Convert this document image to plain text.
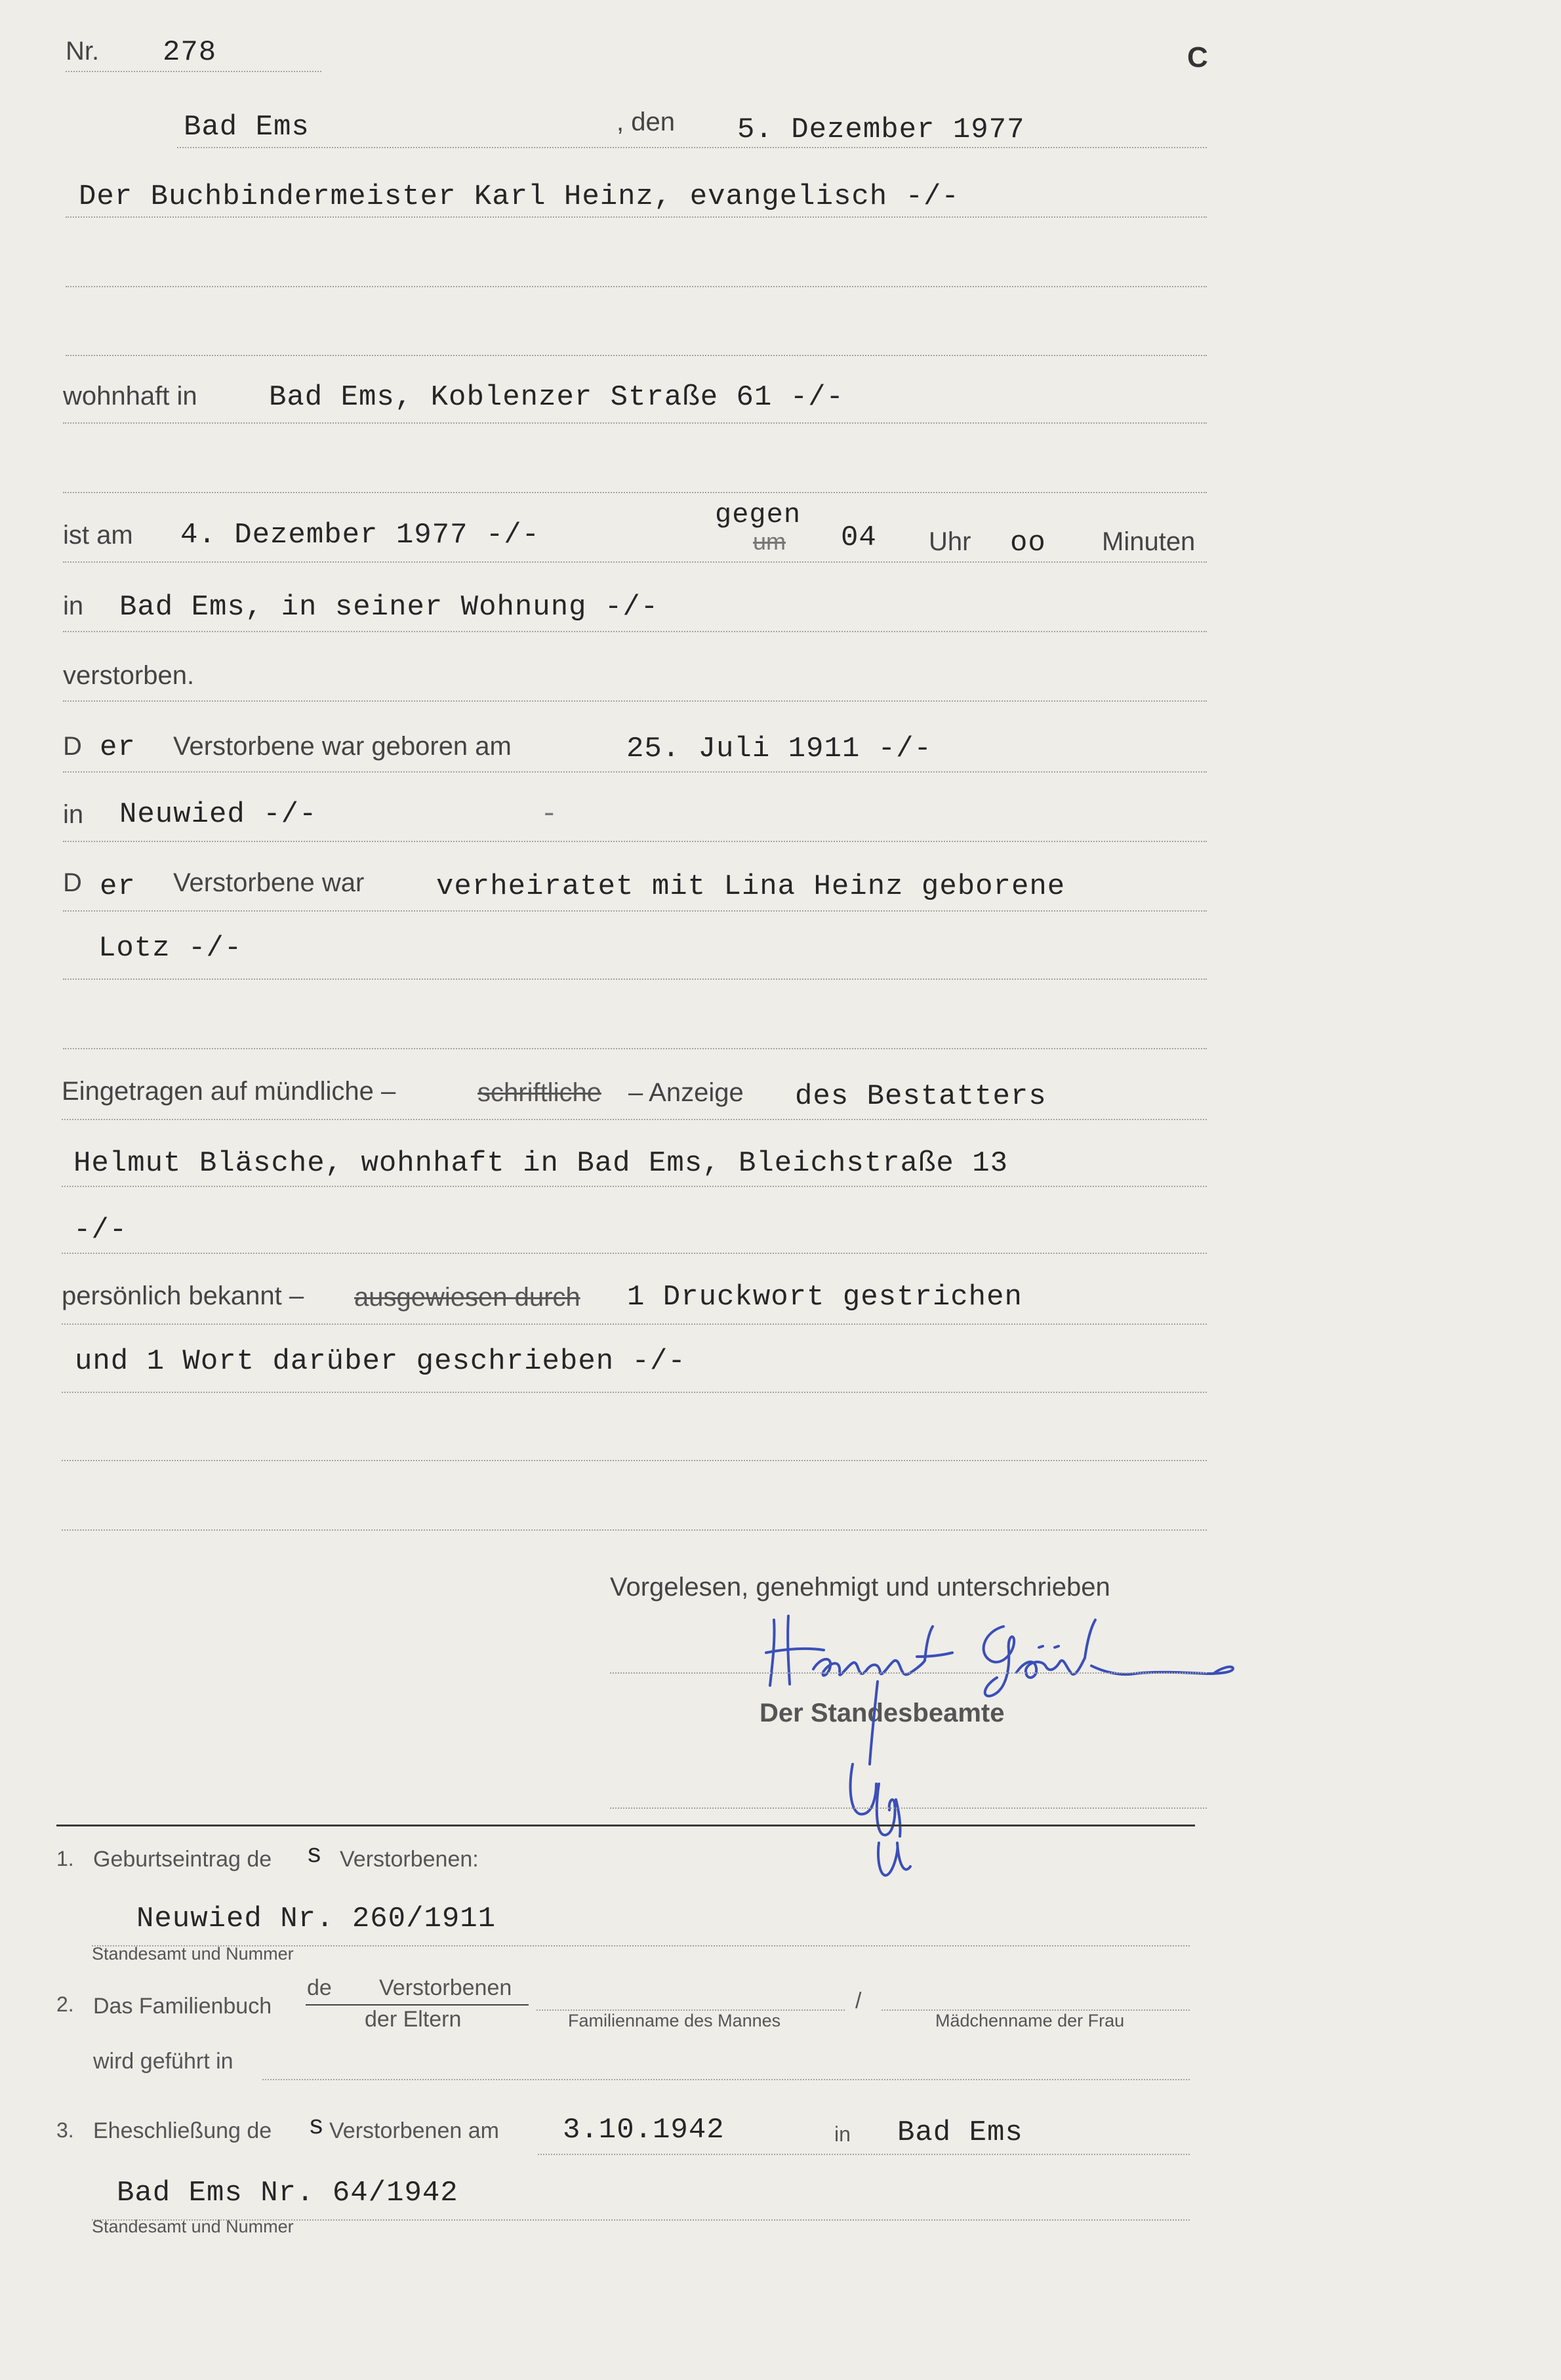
Nr. 278	C
Bad Ems	, den 5. Dezember 1977
Der Buchbindermeister Karl Heinz, evangelisch -/-
wohnhaft in Bad Ems, Koblenzer Straße 61 -/-
ist am 4. Dezember 1977 -/-
gegen
um 04 Uhr oo Minuten
in Bad Ems, in seiner Wohnung -/-
verstorben.
D er Verstorbene war geboren am	25. Juli 1911 -/-
in Neuwied -/-	-
D er Verstorbene war verheiratet mit Lina Heinz geborene
Lotz -/-
Eingetragen auf mündliche –	schriftliche – Anzeige des Bestatters
Helmut Bläsche, wohnhaft in Bad Ems, Bleichstraße 13
-/-
persönlich bekannt – ausgewiesen durch 1 Druckwort gestrichen
und 1 Wort darüber geschrieben -/-
Vorgelesen, genehmigt und unterschrieben
Der Standesbeamte
1. Geburtseintrag de s Verstorbenen:
Neuwied Nr. 260/1911
Standesamt und Nummer
2. Das Familienbuch
de Verstorbenen
der Eltern	Familienname des Mannes
/
Mädchenname der Frau
wird geführt in
3. Eheschließung de s Verstorbenen am 3.10.1942	in Bad Ems
Bad Ems Nr. 64/1942
Standesamt und Nummer
